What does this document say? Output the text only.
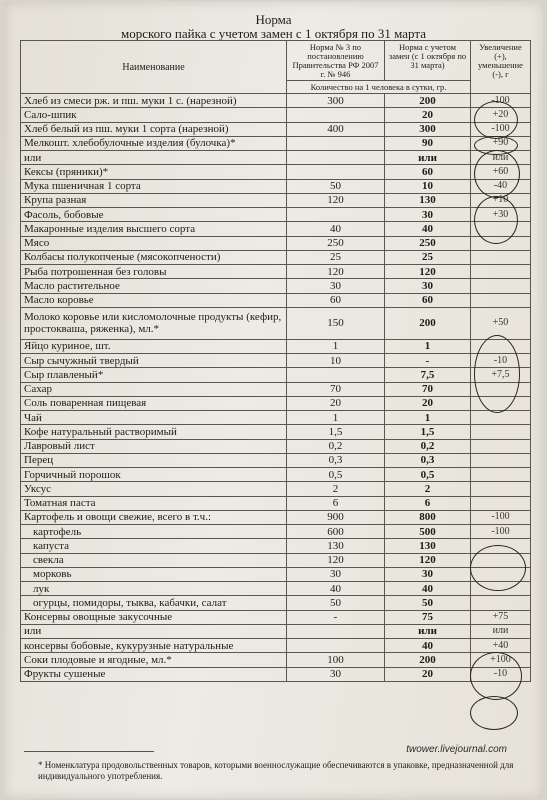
Норма
морского пайка с учетом замен с 1 октября по 31 марта
Наименование	Норма № 3 по постановлению Правительства РФ 2007 г. № 946	Норма с учетом замен (с 1 октября по 31 марта)	Увеличение (+), уменьшение (-), г
	Количество на 1 человека в сутки, гр.		
Хлеб из смеси рж. и пш. муки 1 с. (нарезной)	300	200	-100
Сало-шпик		20	+20
Хлеб белый из пш. муки 1 сорта (нарезной)	400	300	-100
Мелкошт. хлебобулочные изделия (булочка)*		90	+90
или		или	или
Кексы (пряники)*		60	+60
Мука пшеничная 1 сорта	50	10	-40
Крупа разная	120	130	+10
Фасоль, бобовые		30	+30
Макаронные изделия высшего сорта	40	40	
Мясо	250	250	
Колбасы полукопченые (мясокопчености)	25	25	
Рыба потрошенная без головы	120	120	
Масло растительное	30	30	
Масло коровье	60	60	
Молоко коровье или кисломолочные продукты (кефир, простокваша, ряженка), мл.*	150	200	+50
Яйцо куриное, шт.	1	1	
Сыр сычужный твердый	10	-	-10
Сыр плавленый*		7,5	+7,5
Сахар	70	70	
Соль поваренная пищевая	20	20	
Чай	1	1	
Кофе натуральный растворимый	1,5	1,5	
Лавровый лист	0,2	0,2	
Перец	0,3	0,3	
Горчичный порошок	0,5	0,5	
Уксус	2	2	
Томатная паста	6	6	
Картофель и овощи свежие, всего в т.ч.:	900	800	-100
картофель	600	500	-100
капуста	130	130	
свекла	120	120	
морковь	30	30	
лук	40	40	
огурцы, помидоры, тыква, кабачки, салат	50	50	
Консервы овощные закусочные	-	75	+75
или		или	или
консервы бобовые, кукурузные натуральные		40	+40
Соки плодовые и ягодные, мл.*	100	200	+100
Фрукты сушеные	30	20	-10
twower.livejournal.com
* Номенклатура продовольственных товаров, которыми военнослужащие обеспечиваются в упаковке, предназначенной для индивидуального употребления.
